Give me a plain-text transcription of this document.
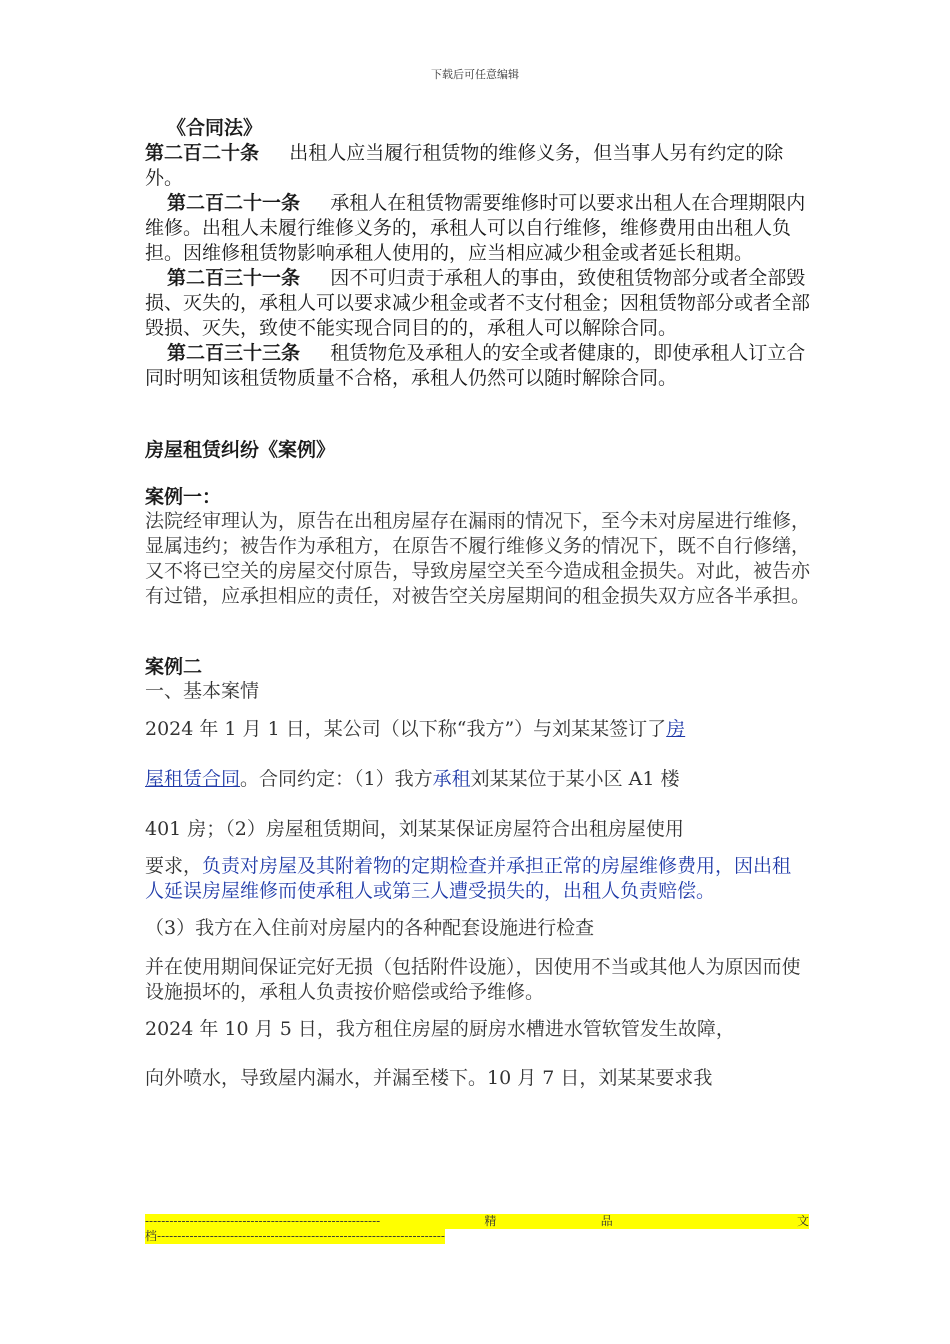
下载后可任意编辑

《合同法》

第二百二十条 出租人应当履行租赁物的维修义务，但当事人另有约定的除外。

第二百二十一条 承租人在租赁物需要维修时可以要求出租人在合理期限内维修。出租人未履行维修义务的，承租人可以自行维修，维修费用由出租人负担。因维修租赁物影响承租人使用的，应当相应减少租金或者延长租期。

第二百三十一条 因不可归责于承租人的事由，致使租赁物部分或者全部毁损、灭失的，承租人可以要求减少租金或者不支付租金；因租赁物部分或者全部毁损、灭失，致使不能实现合同目的的，承租人可以解除合同。

第二百三十三条 租赁物危及承租人的安全或者健康的，即使承租人订立合同时明知该租赁物质量不合格，承租人仍然可以随时解除合同。

房屋租赁纠纷《案例》

案例一：

法院经审理认为，原告在出租房屋存在漏雨的情况下，至今未对房屋进行维修，显属违约；被告作为承租方，在原告不履行维修义务的情况下，既不自行修缮，又不将已空关的房屋交付原告，导致房屋空关至今造成租金损失。对此，被告亦有过错，应承担相应的责任，对被告空关房屋期间的租金损失双方应各半承担。

案例二

一、基本案情

2024 年 1 月 1 日，某公司（以下称“我方”）与刘某某签订了房

屋租赁合同。合同约定：（1）我方承租刘某某位于某小区 A1 楼

401 房；（2）房屋租赁期间，刘某某保证房屋符合出租房屋使用

要求，负责对房屋及其附着物的定期检查并承担正常的房屋维修费用，因出租人延误房屋维修而使承租人或第三人遭受损失的，出租人负责赔偿。

（3）我方在入住前对房屋内的各种配套设施进行检查

并在使用期间保证完好无损（包括附件设施），因使用不当或其他人为原因而使设施损坏的，承租人负责按价赔偿或给予维修。

2024 年 10 月 5 日，我方租住房屋的厨房水槽进水管软管发生故障，

向外喷水，导致屋内漏水，并漏至楼下。10 月 7 日，刘某某要求我

----------------------------------------------------------	精	品	文
档-----------------------------------------------------------------------
